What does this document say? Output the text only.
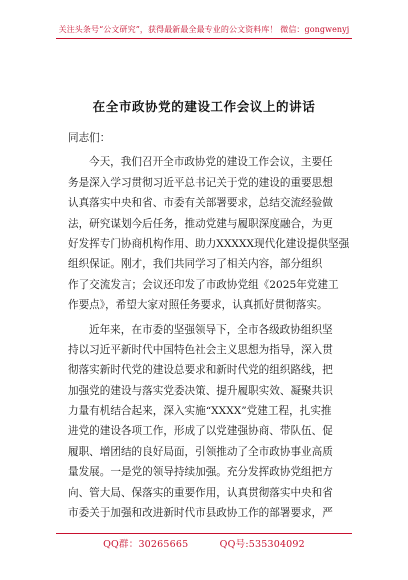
关注头条号“公文研究”，获得最新最全最专业的公文资料库！ 微信：gongwenyj
在全市政协党的建设工作会议上的讲话
同志们：
今天，我们召开全市政协党的建设工作会议，主要任
务是深入学习贯彻习近平总书记关于党的建设的重要思想
认真落实中央和省、市委有关部署要求，总结交流经验做
法，研究谋划今后任务，推动党建与履职深度融合，为更
好发挥专门协商机构作用、助力XXXXX现代化建设提供坚强
组织保证。刚才，我们共同学习了相关内容，部分组织
作了交流发言；会议还印发了市政协党组《2025年党建工
作要点》，希望大家对照任务要求，认真抓好贯彻落实。
近年来，在市委的坚强领导下，全市各级政协组织坚
持以习近平新时代中国特色社会主义思想为指导，深入贯
彻落实新时代党的建设总要求和新时代党的组织路线，把
加强党的建设与落实党委决策、提升履职实效、凝聚共识
力量有机结合起来，深入实施“XXXX”党建工程，扎实推
进党的建设各项工作，形成了以党建强协商、带队伍、促
履职、增团结的良好局面，引领推动了全市政协事业高质
量发展。一是党的领导持续加强。充分发挥政协党组把方
向、管大局、保落实的重要作用，认真贯彻落实中央和省
市委关于加强和改进新时代市县政协工作的部署要求，严
QQ群：30265665	QQ号:535304092
